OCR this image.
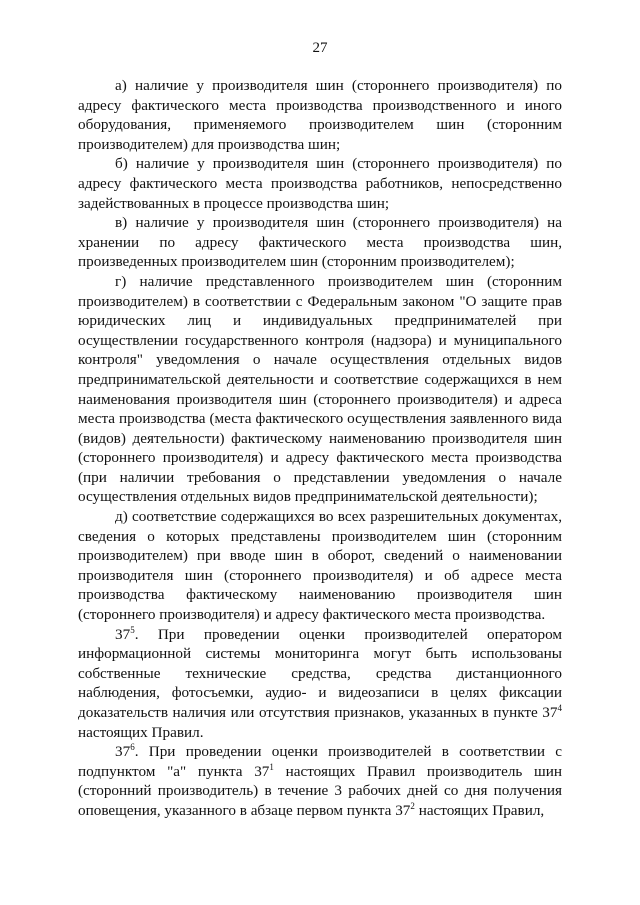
27

а) наличие у производителя шин (стороннего производителя) по адресу фактического места производства производственного и иного оборудования, применяемого производителем шин (сторонним производителем) для производства шин;

б) наличие у производителя шин (стороннего производителя) по адресу фактического места производства работников, непосредственно задействованных в процессе производства шин;

в) наличие у производителя шин (стороннего производителя) на хранении по адресу фактического места производства шин, произведенных производителем шин (сторонним производителем);

г) наличие представленного производителем шин (сторонним производителем) в соответствии с Федеральным законом "О защите прав юридических лиц и индивидуальных предпринимателей при осуществлении государственного контроля (надзора) и муниципального контроля" уведомления о начале осуществления отдельных видов предпринимательской деятельности и соответствие содержащихся в нем наименования производителя шин (стороннего производителя) и адреса места производства (места фактического осуществления заявленного вида (видов) деятельности) фактическому наименованию производителя шин (стороннего производителя) и адресу фактического места производства (при наличии требования о представлении уведомления о начале осуществления отдельных видов предпринимательской деятельности);

д) соответствие содержащихся во всех разрешительных документах, сведения о которых представлены производителем шин (сторонним производителем) при вводе шин в оборот, сведений о наименовании производителя шин (стороннего производителя) и об адресе места производства фактическому наименованию производителя шин (стороннего производителя) и адресу фактического места производства.

$37^5$. При проведении оценки производителей оператором информационной системы мониторинга могут быть использованы собственные технические средства, средства дистанционного наблюдения, фотосъемки, аудио- и видеозаписи в целях фиксации доказательств наличия или отсутствия признаков, указанных в пункте $37^4$ настоящих Правил.

$37^6$. При проведении оценки производителей в соответствии с подпунктом "а" пункта $37^1$ настоящих Правил производитель шин (сторонний производитель) в течение 3 рабочих дней со дня получения оповещения, указанного в абзаце первом пункта $37^2$ настоящих Правил,
